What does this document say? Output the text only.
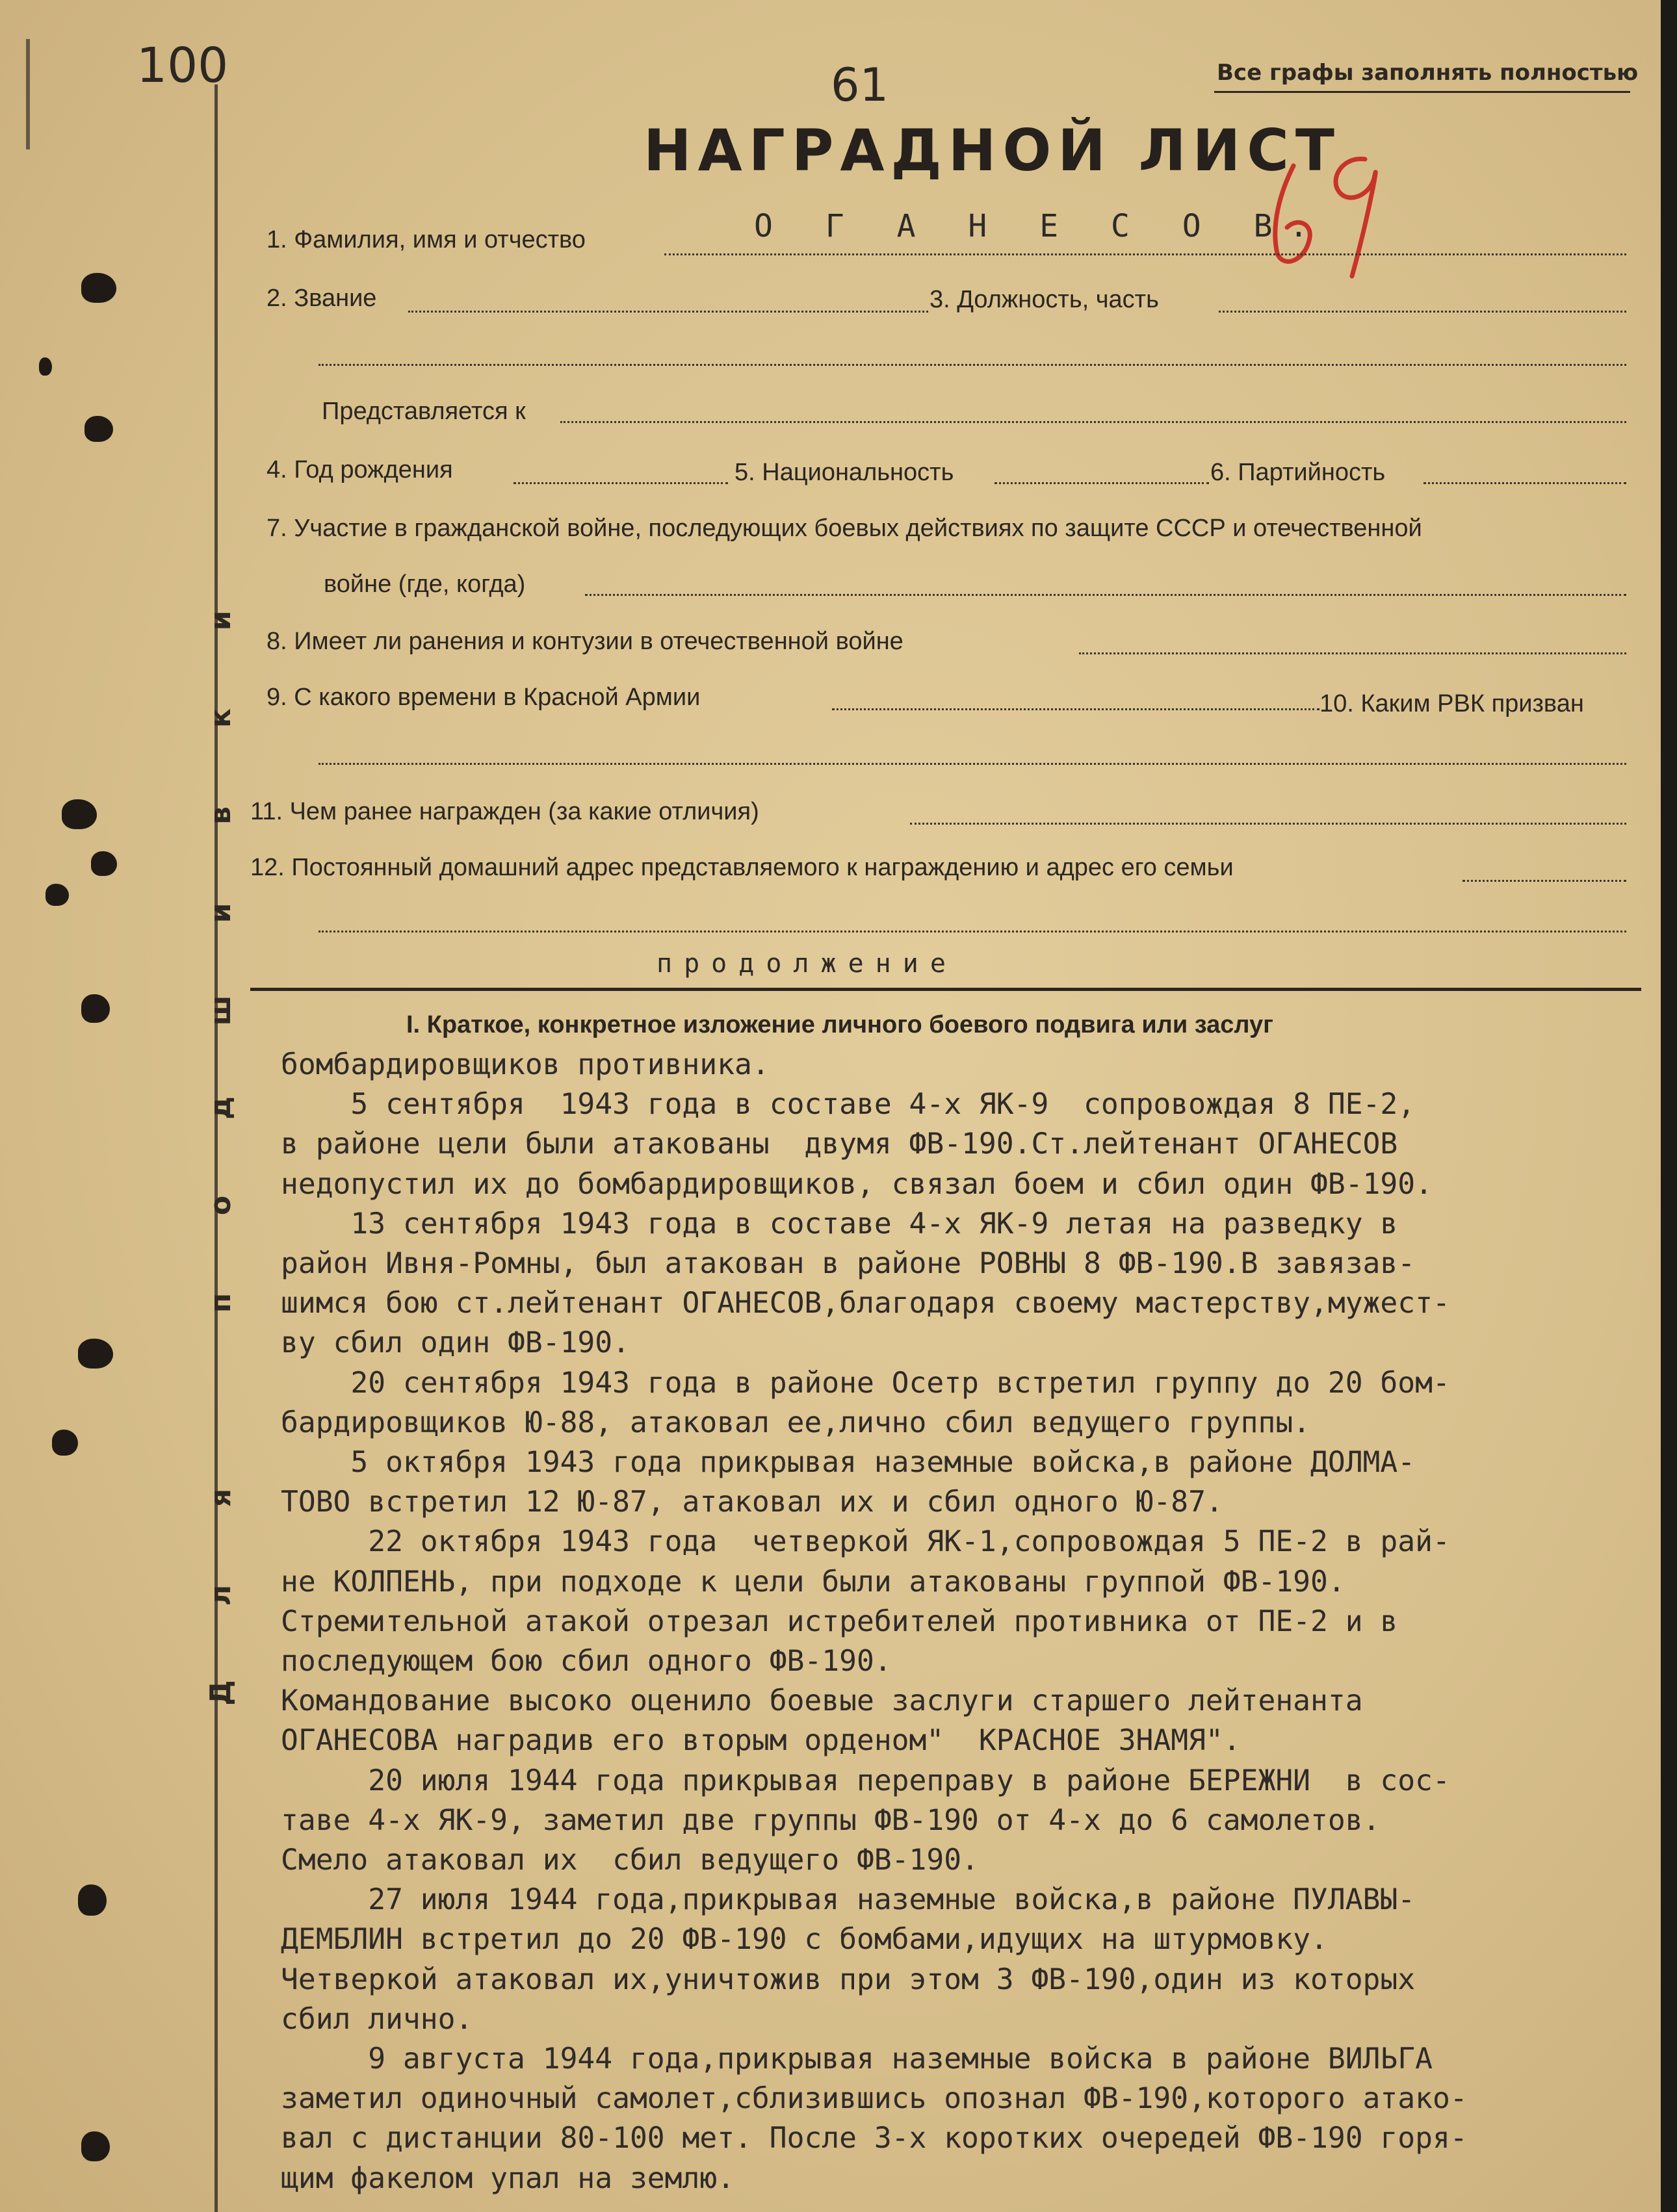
и
к
в
и
ш
д
о
п
я
л
Д
100	61	Все графы заполнять полностью
НАГРАДНОЙ ЛИСТ
1. Фамилия, имя и отчество	О Г А Н Е С О В.
2. Звание	3. Должность, часть
Представляется к
4. Год рождения	5. Национальность	6. Партийность
7. Участие в гражданской войне, последующих боевых действиях по защите СССР и отечественной
войне (где, когда)
8. Имеет ли ранения и контузии в отечественной войне
9. С какого времени в Красной Армии	10. Каким РВК призван
11. Чем ранее награжден (за какие отличия)
12. Постоянный домашний адрес представляемого к награждению и адрес его семьи
продолжение
I. Краткое, конкретное изложение личного боевого подвига или заслуг
бомбардировщиков противника.
5 сентября  1943 года в составе 4-х ЯК-9  сопровождая 8 ПЕ-2,
в районе цели были атакованы  двумя ФВ-190.Ст.лейтенант ОГАНЕСОВ
недопустил их до бомбардировщиков, связал боем и сбил один ФВ-190.
13 сентября 1943 года в составе 4-х ЯК-9 летая на разведку в
район Ивня-Ромны, был атакован в районе РОВНЫ 8 ФВ-190.В завязав-
шимся бою ст.лейтенант ОГАНЕСОВ,благодаря своему мастерству,мужест-
ву сбил один ФВ-190.
20 сентября 1943 года в районе Осетр встретил группу до 20 бом-
бардировщиков Ю-88, атаковал ее,лично сбил ведущего группы.
5 октября 1943 года прикрывая наземные войска,в районе ДОЛМА-
ТОВО встретил 12 Ю-87, атаковал их и сбил одного Ю-87.
22 октября 1943 года  четверкой ЯК-1,сопровождая 5 ПЕ-2 в рай-
не КОЛПЕНЬ, при подходе к цели были атакованы группой ФВ-190.
Стремительной атакой отрезал истребителей противника от ПЕ-2 и в
последующем бою сбил одного ФВ-190.
Командование высоко оценило боевые заслуги старшего лейтенанта
ОГАНЕСОВА наградив его вторым орденом"  КРАСНОЕ ЗНАМЯ".
20 июля 1944 года прикрывая переправу в районе БЕРЕЖНИ  в сос-
таве 4-х ЯК-9, заметил две группы ФВ-190 от 4-х до 6 самолетов.
Смело атаковал их  сбил ведущего ФВ-190.
27 июля 1944 года,прикрывая наземные войска,в районе ПУЛАВЫ-
ДЕМБЛИН встретил до 20 ФВ-190 с бомбами,идущих на штурмовку.
Четверкой атаковал их,уничтожив при этом 3 ФВ-190,один из которых
сбил лично.
9 августа 1944 года,прикрывая наземные войска в районе ВИЛЬГА
заметил одиночный самолет,сблизившись опознал ФВ-190,которого атако-
вал с дистанции 80-100 мет. После 3-х коротких очередей ФВ-190 горя-
щим факелом упал на землю.
